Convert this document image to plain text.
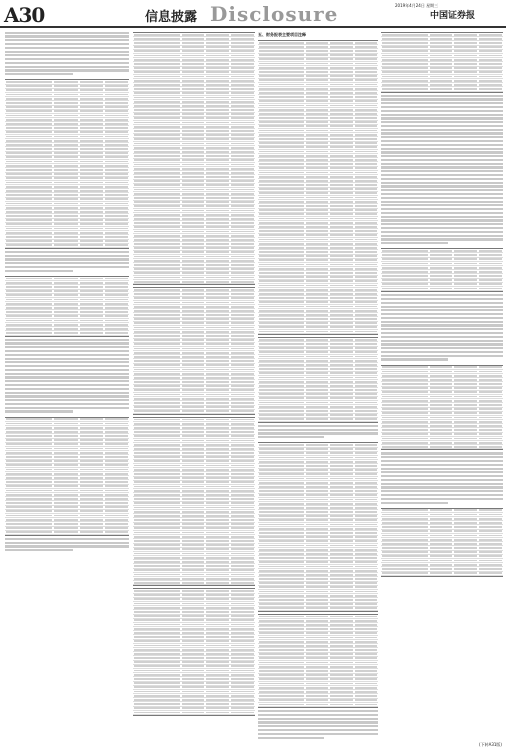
A30	信息披露 Disclosure	2019年4月24日 星期三
中国证券报
五、财务报表主要项目注释
(下转A31版)
